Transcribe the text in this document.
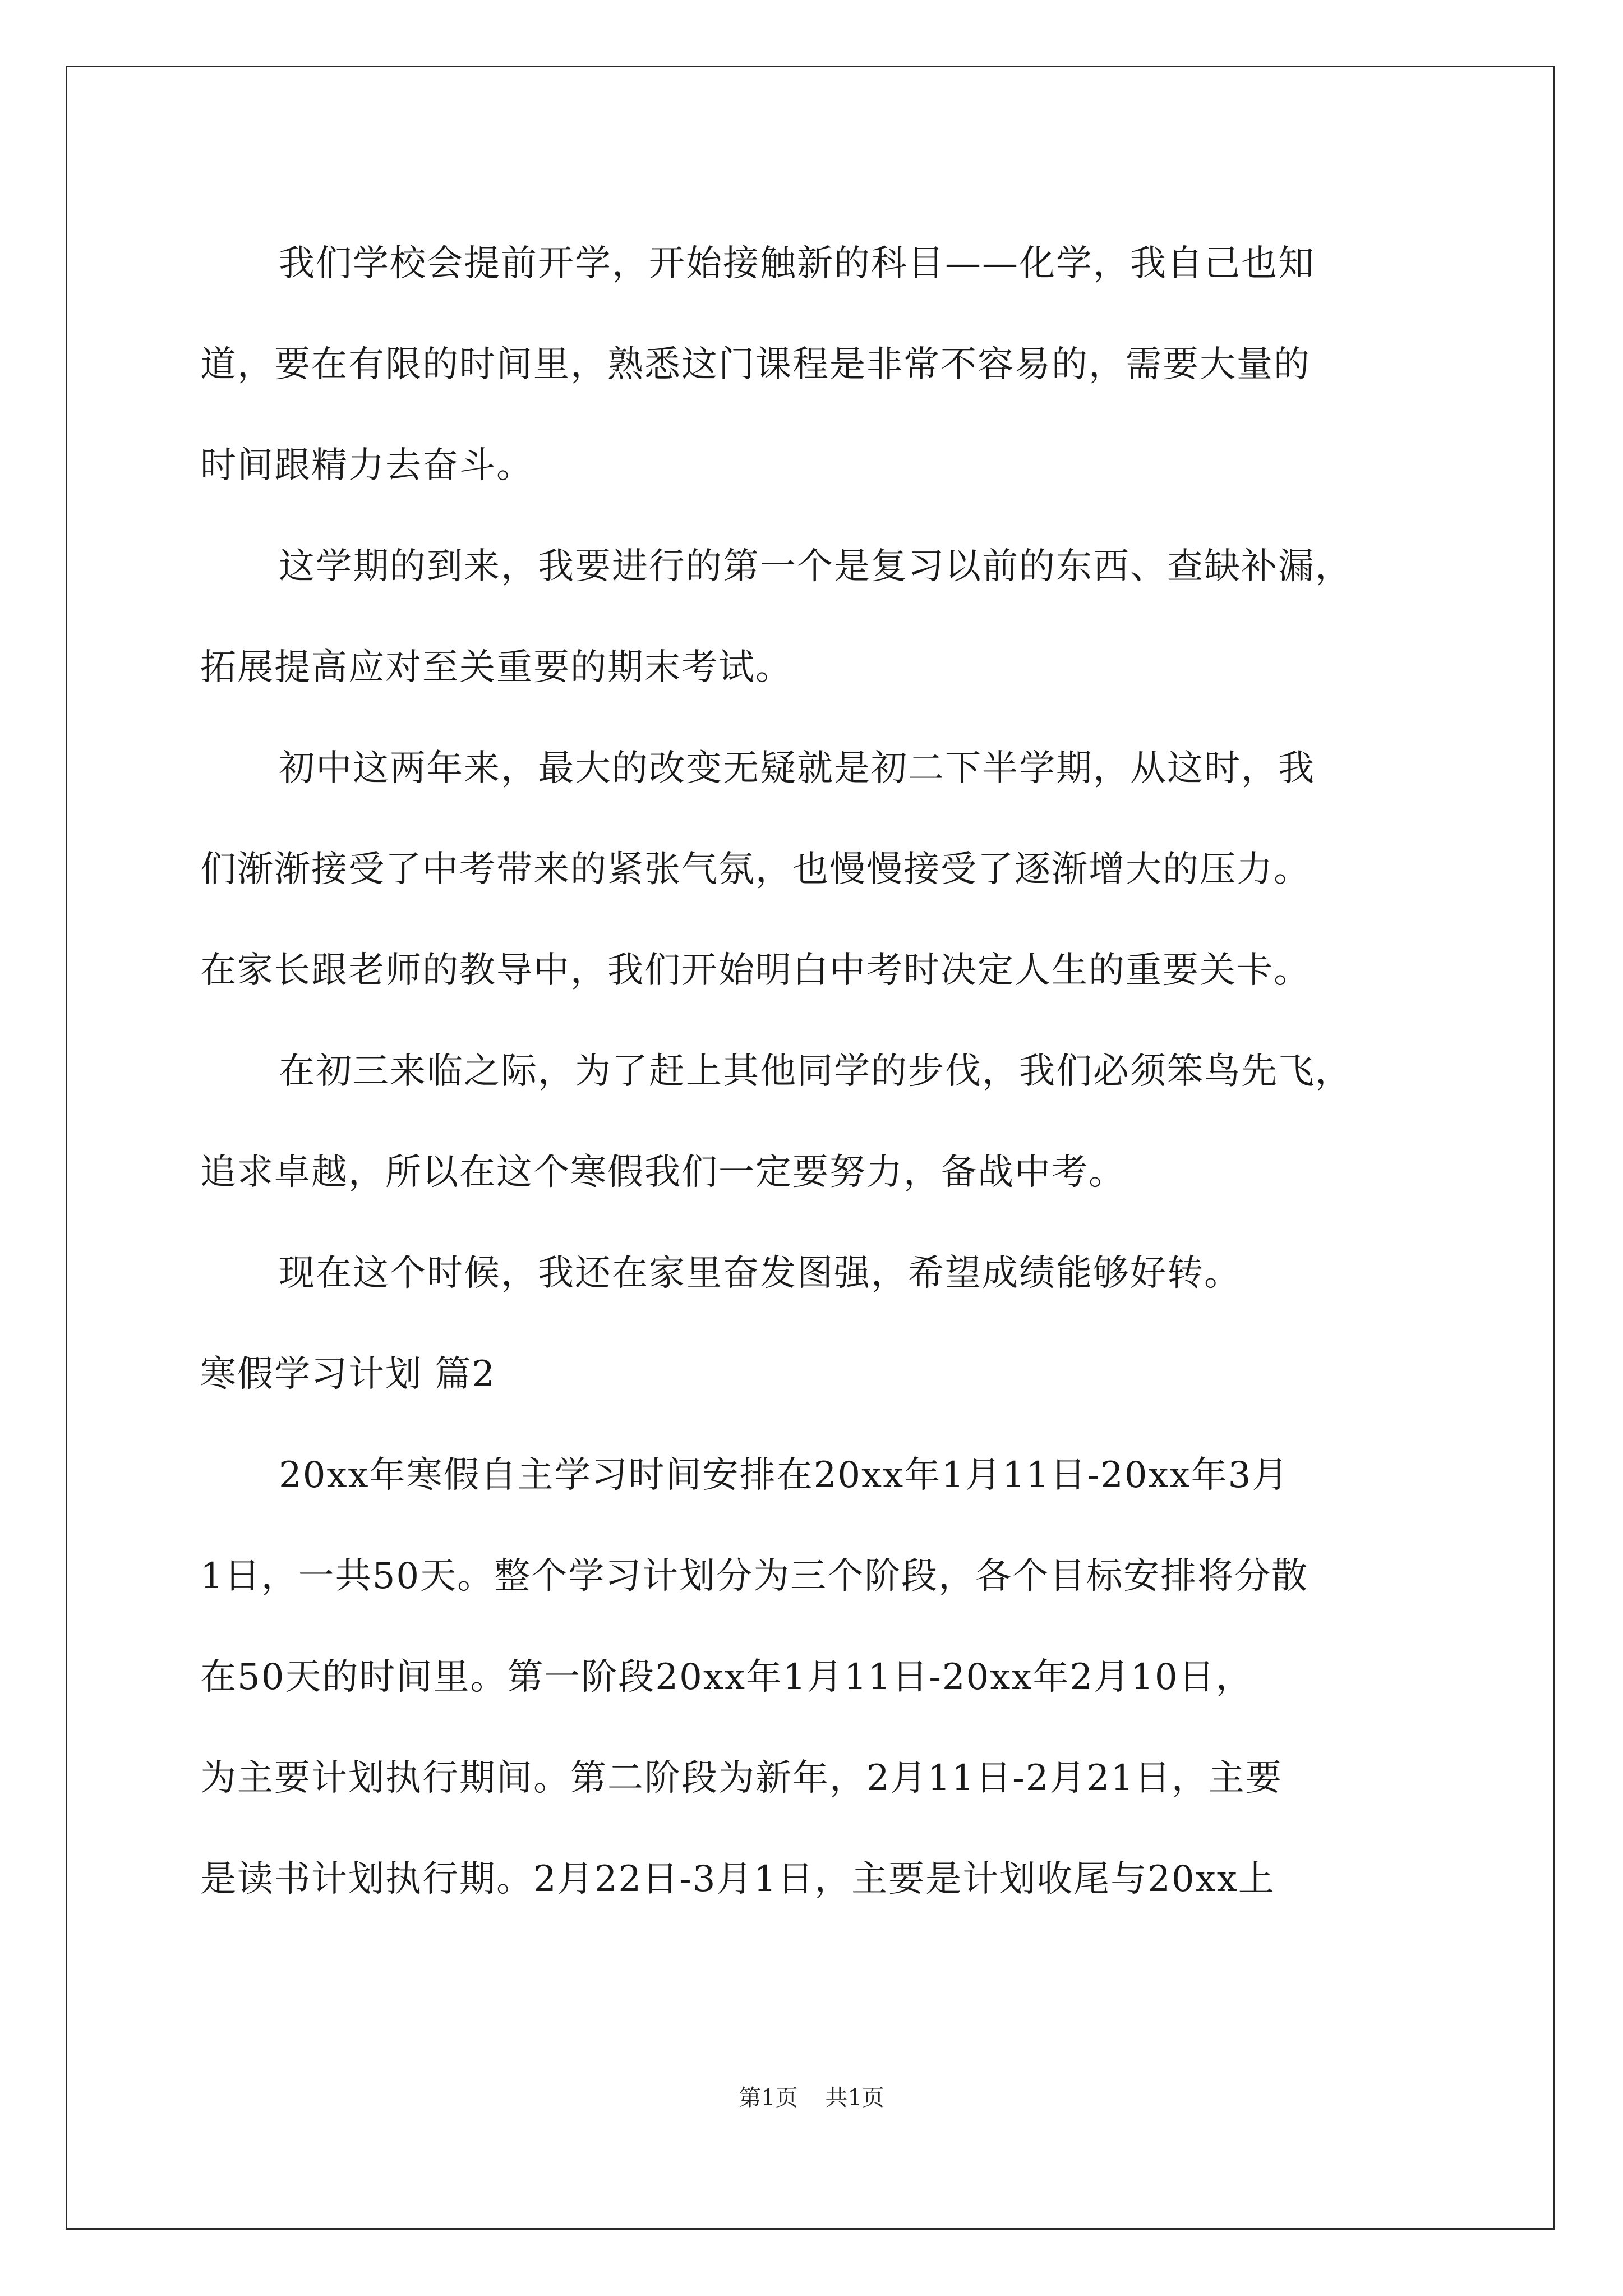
我们学校会提前开学，开始接触新的科目——化学，我自己也知
道，要在有限的时间里，熟悉这门课程是非常不容易的，需要大量的
时间跟精力去奋斗。
这学期的到来，我要进行的第一个是复习以前的东西、查缺补漏，
拓展提高应对至关重要的期末考试。
初中这两年来，最大的改变无疑就是初二下半学期，从这时，我
们渐渐接受了中考带来的紧张气氛，也慢慢接受了逐渐增大的压力。
在家长跟老师的教导中，我们开始明白中考时决定人生的重要关卡。
在初三来临之际，为了赶上其他同学的步伐，我们必须笨鸟先飞，
追求卓越，所以在这个寒假我们一定要努力，备战中考。
现在这个时候，我还在家里奋发图强，希望成绩能够好转。
寒假学习计划 篇2
20xx年寒假自主学习时间安排在20xx年1月11日-20xx年3月
1日，一共50天。整个学习计划分为三个阶段，各个目标安排将分散
在50天的时间里。第一阶段20xx年1月11日-20xx年2月10日，
为主要计划执行期间。第二阶段为新年，2月11日-2月21日，主要
是读书计划执行期。2月22日-3月1日，主要是计划收尾与20xx上
第1页 共1页
